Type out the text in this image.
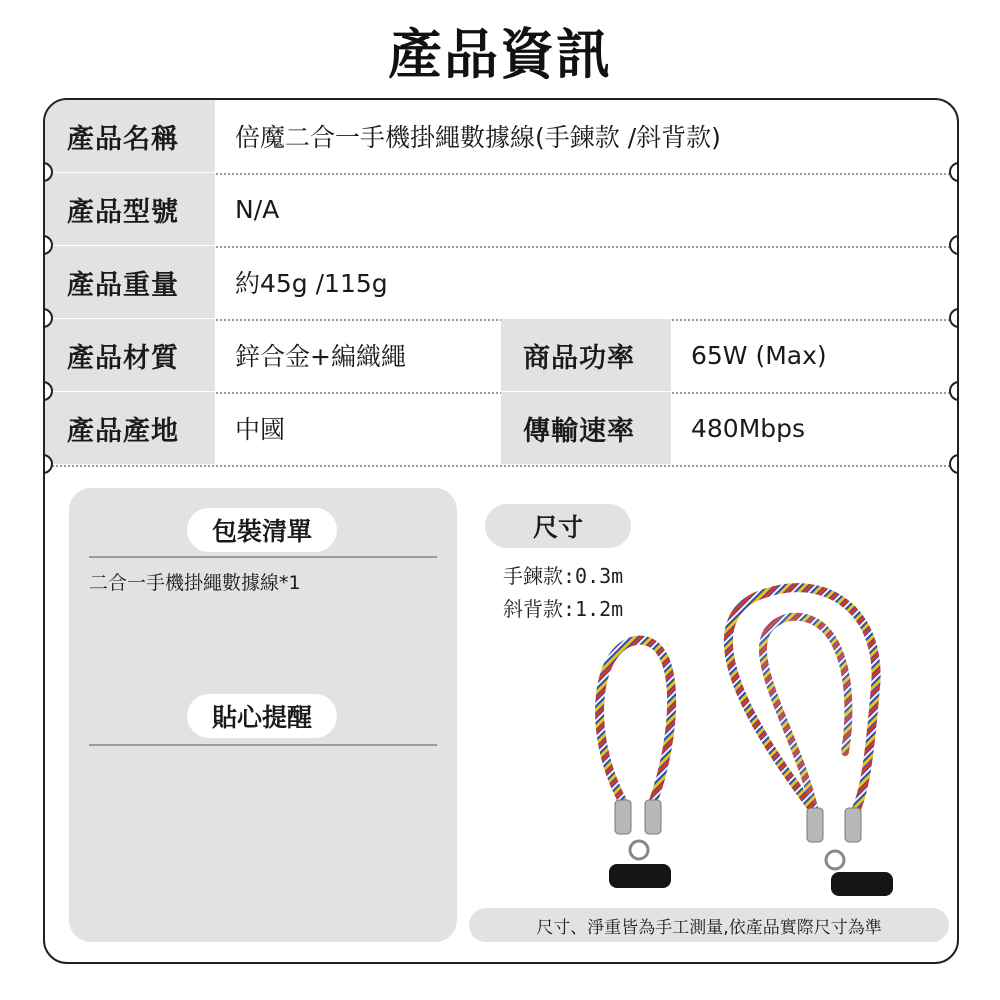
產品資訊
產品名稱	倍魔二合一手機掛繩數據線(手鍊款 /斜背款)
產品型號	N/A
產品重量	約45g /115g
產品材質	鋅合金+編織繩	商品功率	65W (Max)
產品產地	中國	傳輸速率	480Mbps
包裝清單
二合一手機掛繩數據線*1
貼心提醒
尺寸
手鍊款:0.3m
斜背款:1.2m
尺寸、淨重皆為手工測量,依產品實際尺寸為準
